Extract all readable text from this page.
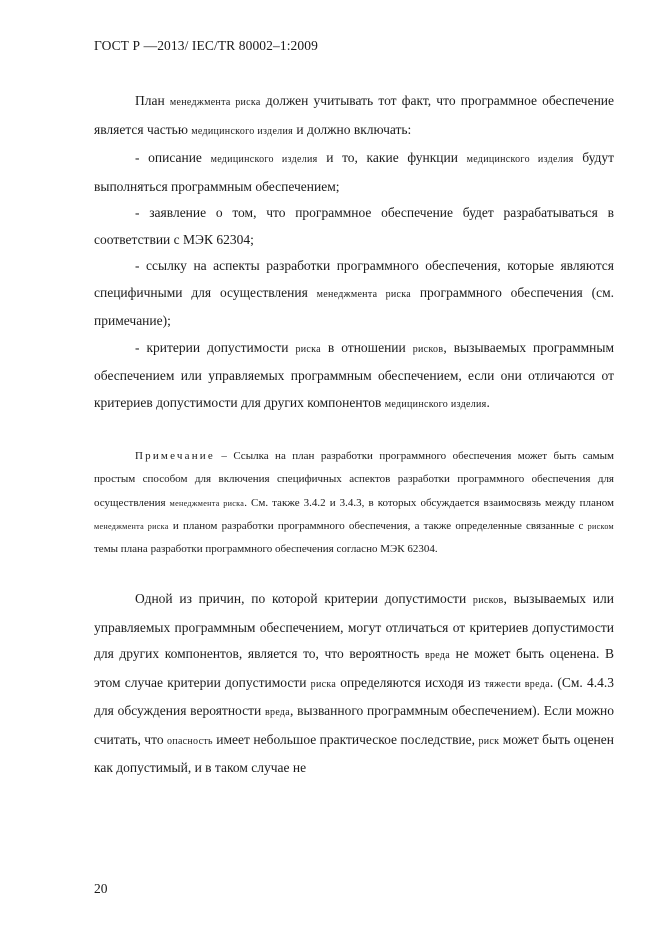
ГОСТ Р —2013/ IEC/TR 80002–1:2009

План менеджмента риска должен учитывать тот факт, что программное обеспечение является частью медицинского изделия и должно включать:

- описание медицинского изделия и то, какие функции медицинского изделия будут выполняться программным обеспечением;

- заявление о том, что программное обеспечение будет разрабатываться в соответствии с МЭК 62304;

- ссылку на аспекты разработки программного обеспечения, которые являются специфичными для осуществления менеджмента риска программного обеспечения (см. примечание);

- критерии допустимости риска в отношении рисков, вызываемых программным обеспечением или управляемых программным обеспечением, если они отличаются от критериев допустимости для других компонентов медицинского изделия.

Примечание – Ссылка на план разработки программного обеспечения может быть самым простым способом для включения специфичных аспектов разработки программного обеспечения для осуществления менеджмента риска. См. также 3.4.2 и 3.4.3, в которых обсуждается взаимосвязь между планом менеджмента риска и планом разработки программного обеспечения, а также определенные связанные с риском темы плана разработки программного обеспечения согласно МЭК 62304.

Одной из причин, по которой критерии допустимости рисков, вызываемых или управляемых программным обеспечением, могут отличаться от критериев допустимости для других компонентов, является то, что вероятность вреда не может быть оценена. В этом случае критерии допустимости риска определяются исходя из тяжести вреда. (См. 4.4.3 для обсуждения вероятности вреда, вызванного программным обеспечением). Если можно считать, что опасность имеет небольшое практическое последствие, риск может быть оценен как допустимый, и в таком случае не

20
